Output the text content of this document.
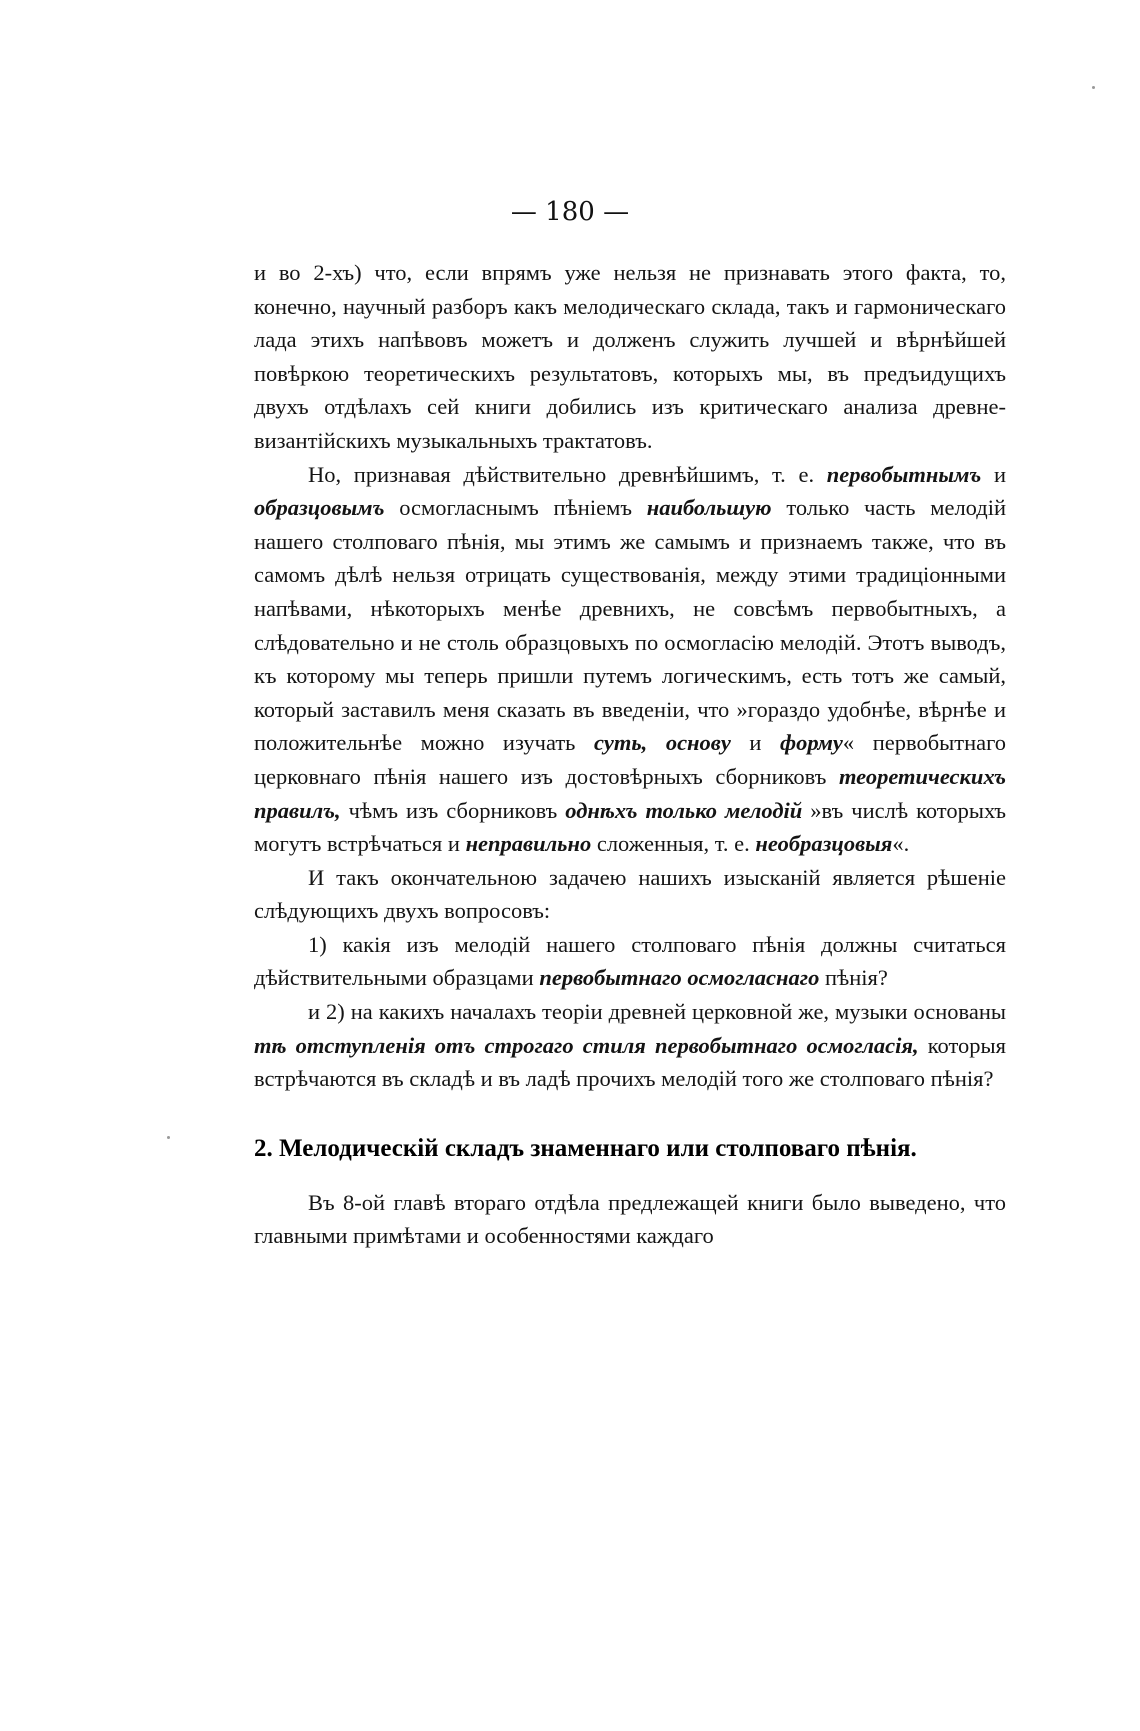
— 180 —

и во 2-хъ) что, если впрямъ уже нельзя не признавать этого факта, то, конечно, научный разборъ какъ мелодическаго склада, такъ и гармоническаго лада этихъ напѣвовъ можетъ и долженъ служить лучшей и вѣрнѣйшей повѣркою теоретическихъ результатовъ, которыхъ мы, въ предъидущихъ двухъ отдѣлахъ сей книги добились изъ критическаго анализа древне-византійскихъ музыкальныхъ трактатовъ.

Но, признавая дѣйствительно древнѣйшимъ, т. е. первобытнымъ и образцовымъ осмогласнымъ пѣніемъ наибольшую только часть мелодій нашего столповаго пѣнія, мы этимъ же самымъ и признаемъ также, что въ самомъ дѣлѣ нельзя отрицать существованія, между этими традиціонными напѣвами, нѣкоторыхъ менѣе древнихъ, не совсѣмъ первобытныхъ, а слѣдовательно и не столь образцовыхъ по осмогласію мелодій. Этотъ выводъ, къ которому мы теперь пришли путемъ логическимъ, есть тотъ же самый, который заставилъ меня сказать въ введеніи, что »гораздо удобнѣе, вѣрнѣе и положительнѣе можно изучать суть, основу и форму« первобытнаго церковнаго пѣнія нашего изъ достовѣрныхъ сборниковъ теоретическихъ правилъ, чѣмъ изъ сборниковъ однѣхъ только мелодій »въ числѣ которыхъ могутъ встрѣчаться и неправильно сложенныя, т. е. необразцовыя«.

И такъ окончательною задачею нашихъ изысканій является рѣшеніе слѣдующихъ двухъ вопросовъ:

1) какія изъ мелодій нашего столповаго пѣнія должны считаться дѣйствительными образцами первобытнаго осмогласнаго пѣнія?

и 2) на какихъ началахъ теоріи древней церковной же, музыки основаны тѣ отступленія отъ строгаго стиля первобытнаго осмогласія, которыя встрѣчаются въ складѣ и въ ладѣ прочихъ мелодій того же столповаго пѣнія?

2. Мелодическій складъ знаменнаго или столповаго пѣнія.

Въ 8-ой главѣ втораго отдѣла предлежащей книги было выведено, что главными примѣтами и особенностями каждаго
